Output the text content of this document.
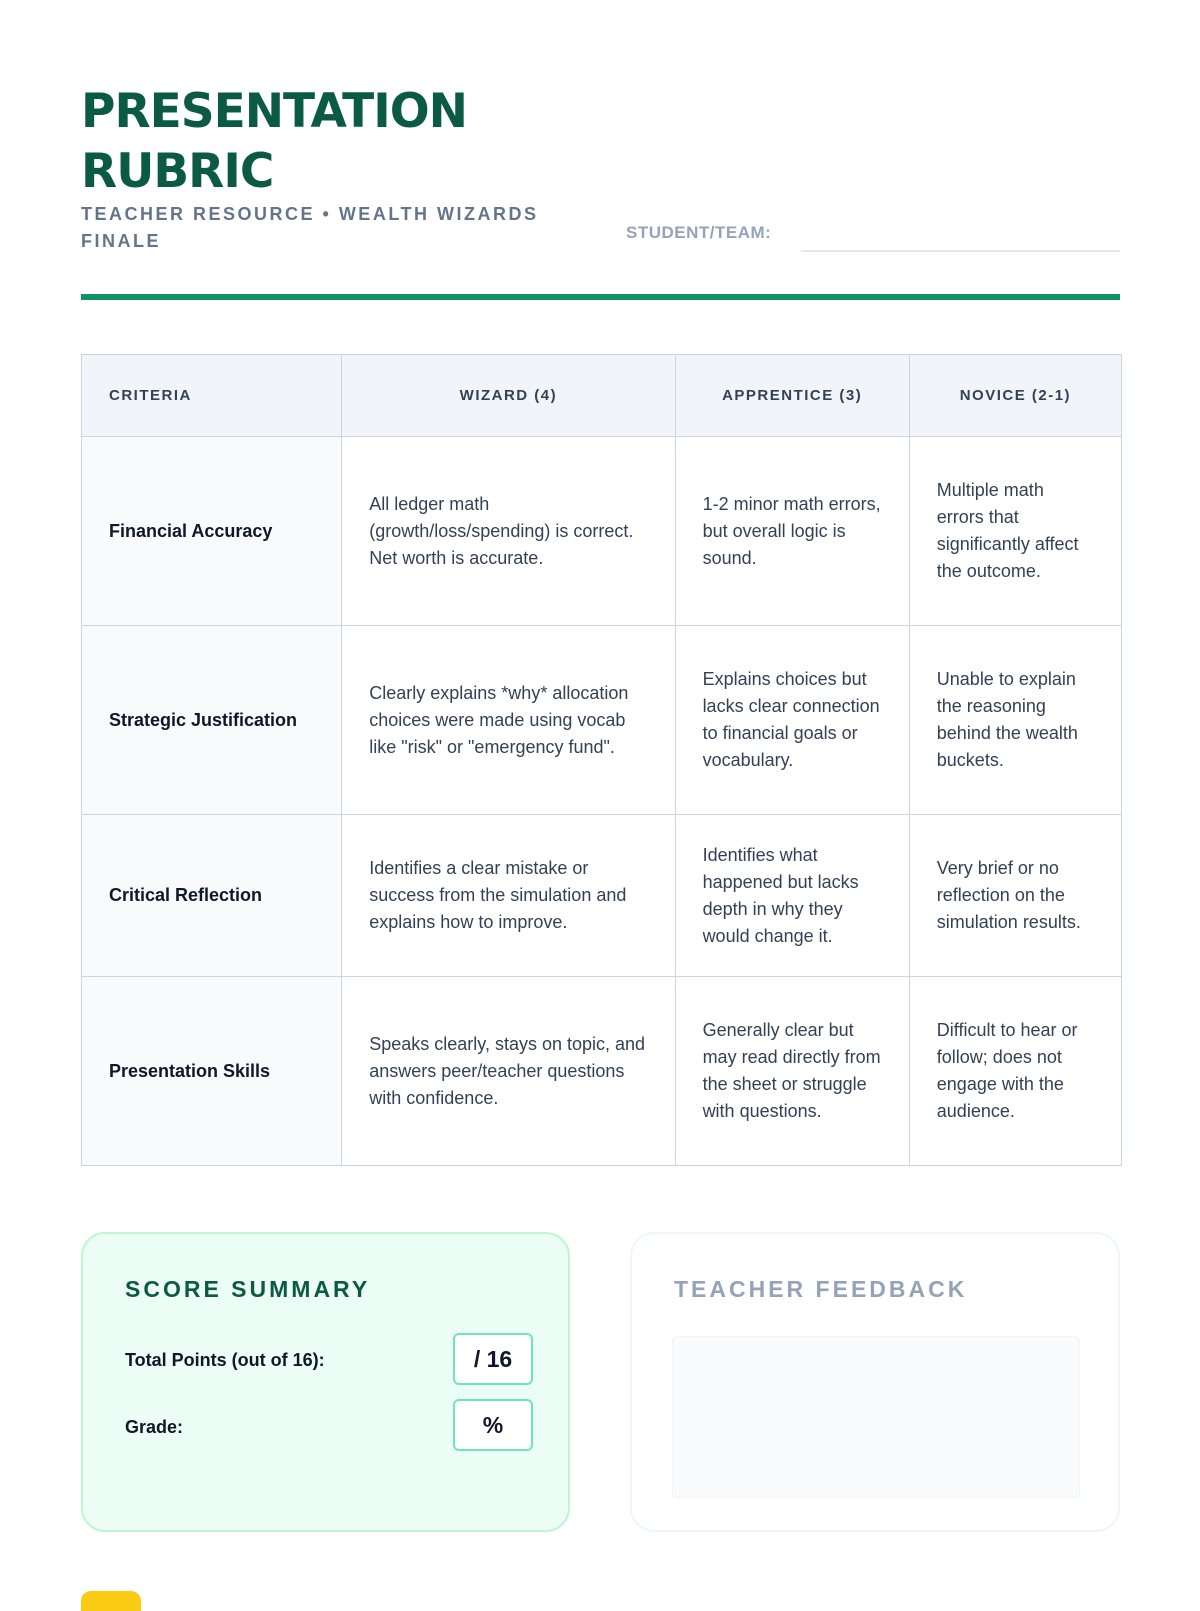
PRESENTATION RUBRIC
TEACHER RESOURCE • WEALTH WIZARDS FINALE	STUDENT/TEAM:
CRITERIA	WIZARD (4)	APPRENTICE (3)	NOVICE (2-1)
Financial Accuracy	All ledger math (growth/loss/spending) is correct. Net worth is accurate.	1-2 minor math errors, but overall logic is sound.	Multiple math errors that significantly affect the outcome.
Strategic Justification	Clearly explains *why* allocation choices were made using vocab like "risk" or "emergency fund".	Explains choices but lacks clear connection to financial goals or vocabulary.	Unable to explain the reasoning behind the wealth buckets.
Critical Reflection	Identifies a clear mistake or success from the simulation and explains how to improve.	Identifies what happened but lacks depth in why they would change it.	Very brief or no reflection on the simulation results.
Presentation Skills	Speaks clearly, stays on topic, and answers peer/teacher questions with confidence.	Generally clear but may read directly from the sheet or struggle with questions.	Difficult to hear or follow; does not engage with the audience.
SCORE SUMMARY
Total Points (out of 16):	/ 16
Grade:	%
TEACHER FEEDBACK
